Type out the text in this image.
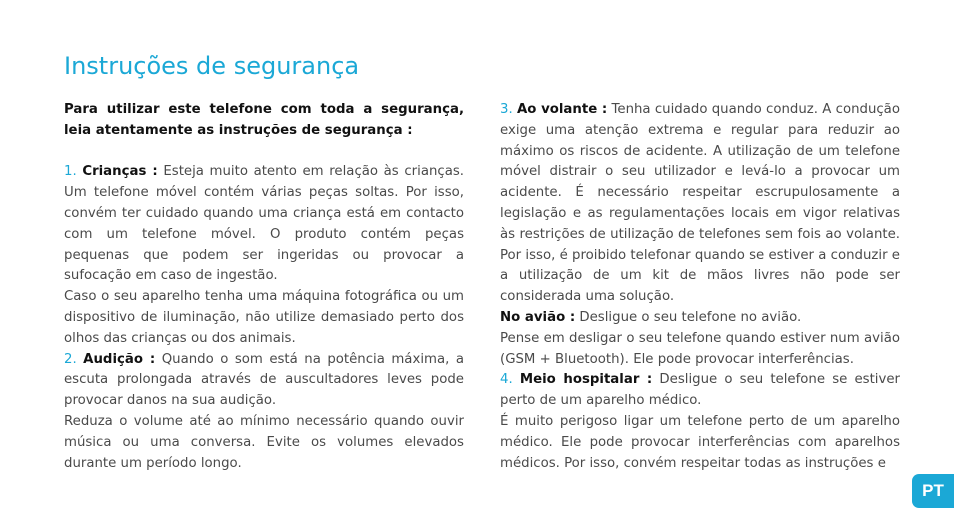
Instruções de segurança

Para utilizar este telefone com toda a segurança, leia atentamente as instruções de segurança :

1. Crianças : Esteja muito atento em relação às crianças. Um telefone móvel contém várias peças soltas. Por isso, convém ter cuidado quando uma criança está em contacto com um telefone móvel. O produto contém peças pequenas que podem ser ingeridas ou provocar a sufocação em caso de ingestão.

Caso o seu aparelho tenha uma máquina fotográfica ou um dispositivo de iluminação, não utilize demasiado perto dos olhos das crianças ou dos animais.

2. Audição : Quando o som está na potência máxima, a escuta prolongada através de auscultadores leves pode provocar danos na sua audição.

Reduza o volume até ao mínimo necessário quando ouvir música ou uma conversa. Evite os volumes elevados durante um período longo.

3. Ao volante : Tenha cuidado quando conduz. A condução exige uma atenção extrema e regular para reduzir ao máximo os riscos de acidente. A utilização de um telefone móvel distrair o seu utilizador e levá-lo a provocar um acidente. É necessário respeitar escrupulosamente a legislação e as regulamentações locais em vigor relativas às restrições de utilização de telefones sem fois ao volante. Por isso, é proibido telefonar quando se estiver a conduzir e a utilização de um kit de mãos livres não pode ser considerada uma solução.

No avião : Desligue o seu telefone no avião.

Pense em desligar o seu telefone quando estiver num avião (GSM + Bluetooth). Ele pode provocar interferências.

4. Meio hospitalar : Desligue o seu telefone se estiver perto de um aparelho médico.

É muito perigoso ligar um telefone perto de um aparelho médico. Ele pode provocar interferências com aparelhos médicos. Por isso, convém respeitar todas as instruções e

PT
